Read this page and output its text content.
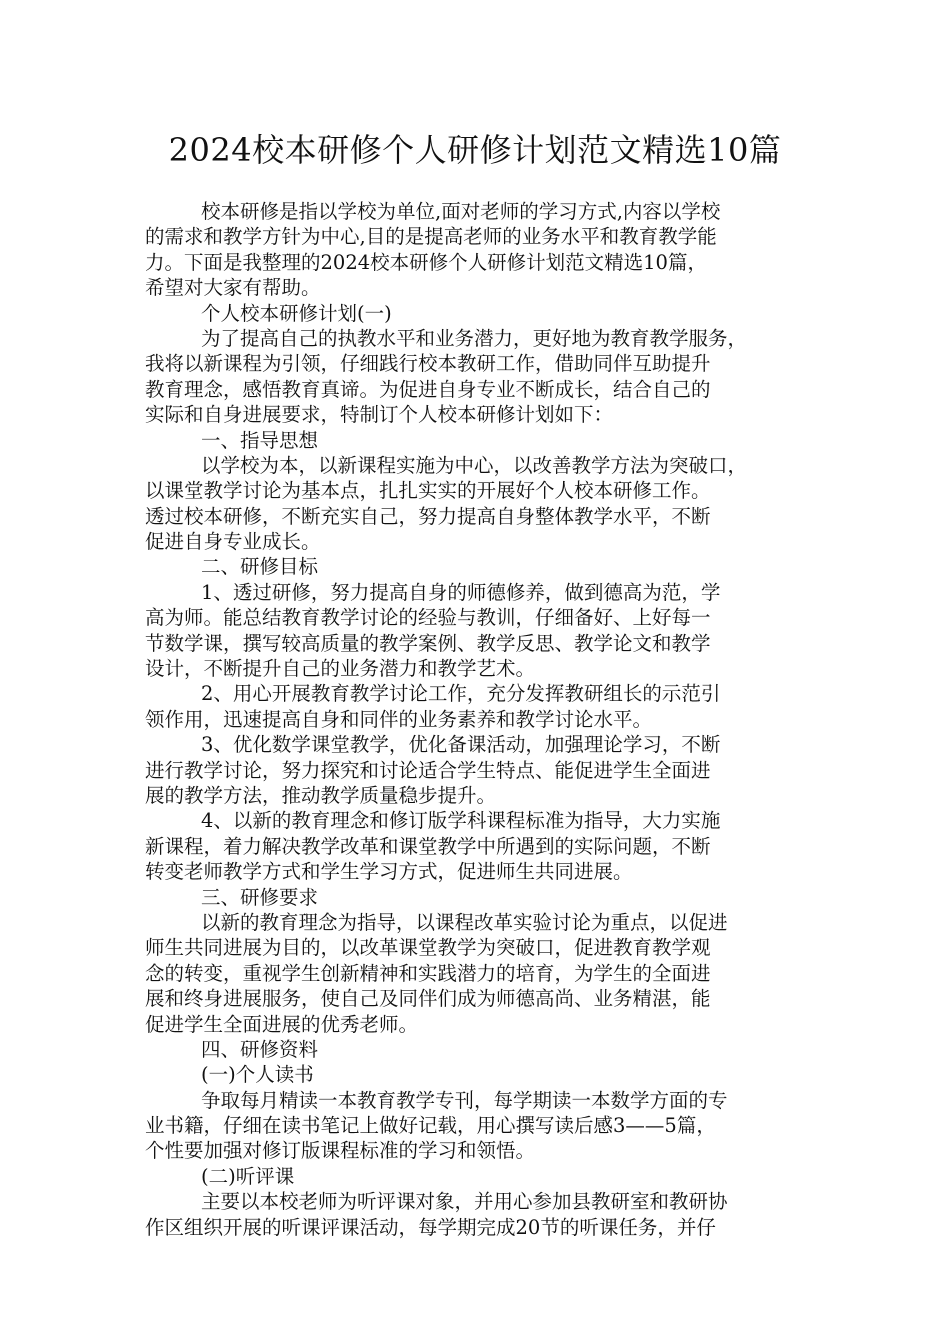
2024校本研修个人研修计划范文精选10篇
校本研修是指以学校为单位,面对老师的学习方式,内容以学校
的需求和教学方针为中心,目的是提高老师的业务水平和教育教学能
力。下面是我整理的2024校本研修个人研修计划范文精选10篇，
希望对大家有帮助。
个人校本研修计划(一)
为了提高自己的执教水平和业务潜力，更好地为教育教学服务，
我将以新课程为引领，仔细践行校本教研工作，借助同伴互助提升
教育理念，感悟教育真谛。为促进自身专业不断成长，结合自己的
实际和自身进展要求，特制订个人校本研修计划如下：
一、指导思想
以学校为本，以新课程实施为中心，以改善教学方法为突破口，
以课堂教学讨论为基本点，扎扎实实的开展好个人校本研修工作。
透过校本研修，不断充实自己，努力提高自身整体教学水平，不断
促进自身专业成长。
二、研修目标
1、透过研修，努力提高自身的师德修养，做到德高为范，学
高为师。能总结教育教学讨论的经验与教训，仔细备好、上好每一
节数学课，撰写较高质量的教学案例、教学反思、教学论文和教学
设计，不断提升自己的业务潜力和教学艺术。
2、用心开展教育教学讨论工作，充分发挥教研组长的示范引
领作用，迅速提高自身和同伴的业务素养和教学讨论水平。
3、优化数学课堂教学，优化备课活动，加强理论学习，不断
进行教学讨论，努力探究和讨论适合学生特点、能促进学生全面进
展的教学方法，推动教学质量稳步提升。
4、以新的教育理念和修订版学科课程标准为指导，大力实施
新课程，着力解决教学改革和课堂教学中所遇到的实际问题，不断
转变老师教学方式和学生学习方式，促进师生共同进展。
三、研修要求
以新的教育理念为指导，以课程改革实验讨论为重点，以促进
师生共同进展为目的，以改革课堂教学为突破口，促进教育教学观
念的转变，重视学生创新精神和实践潜力的培育，为学生的全面进
展和终身进展服务，使自己及同伴们成为师德高尚、业务精湛，能
促进学生全面进展的优秀老师。
四、研修资料
(一)个人读书
争取每月精读一本教育教学专刊，每学期读一本数学方面的专
业书籍，仔细在读书笔记上做好记载，用心撰写读后感3——5篇，
个性要加强对修订版课程标准的学习和领悟。
(二)听评课
主要以本校老师为听评课对象，并用心参加县教研室和教研协
作区组织开展的听课评课活动，每学期完成20节的听课任务，并仔
